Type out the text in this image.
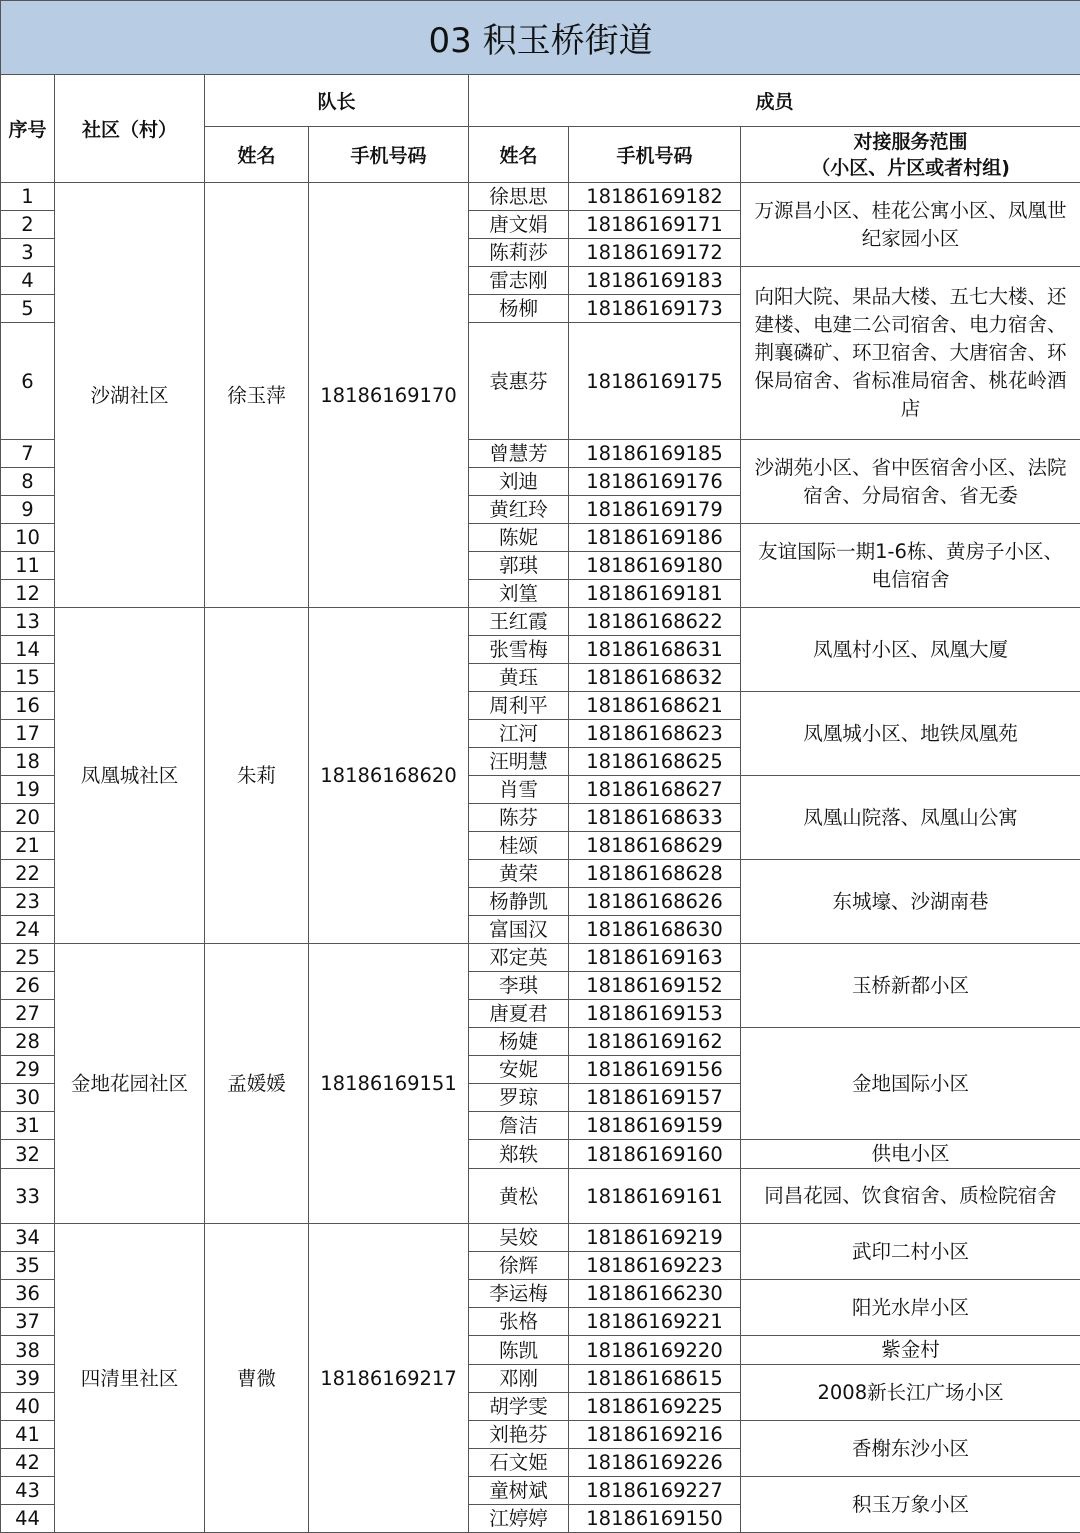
03 积玉桥街道						
序号	社区（村）	队长		成员		
		姓名	手机号码	姓名	手机号码	对接服务范围
（小区、片区或者村组)
1	沙湖社区	徐玉萍	18186169170	徐思思	18186169182	万源昌小区、桂花公寓小区、凤凰世
纪家园小区
2				唐文娟	18186169171	
3				陈莉莎	18186169172	
4				雷志刚	18186169183	向阳大院、果品大楼、五七大楼、还
建楼、电建二公司宿舍、电力宿舍、
荆襄磷矿、环卫宿舍、大唐宿舍、环
保局宿舍、省标准局宿舍、桃花岭酒
店
5				杨柳	18186169173	
6				袁惠芬	18186169175	
7				曾慧芳	18186169185	沙湖苑小区、省中医宿舍小区、法院
宿舍、分局宿舍、省无委
8				刘迪	18186169176	
9				黄红玲	18186169179	
10				陈妮	18186169186	友谊国际一期1-6栋、黄房子小区、
电信宿舍
11				郭琪	18186169180	
12				刘篁	18186169181	
13	凤凰城社区	朱莉	18186168620	王红霞	18186168622	凤凰村小区、凤凰大厦
14				张雪梅	18186168631	
15				黄珏	18186168632	
16				周利平	18186168621	凤凰城小区、地铁凤凰苑
17				江河	18186168623	
18				汪明慧	18186168625	
19				肖雪	18186168627	凤凰山院落、凤凰山公寓
20				陈芬	18186168633	
21				桂颂	18186168629	
22				黄荣	18186168628	东城壕、沙湖南巷
23				杨静凯	18186168626	
24				富国汉	18186168630	
25	金地花园社区	孟媛媛	18186169151	邓定英	18186169163	玉桥新都小区
26				李琪	18186169152	
27				唐夏君	18186169153	
28				杨婕	18186169162	金地国际小区
29				安妮	18186169156	
30				罗琼	18186169157	
31				詹洁	18186169159	
32				郑轶	18186169160	供电小区
33				黄松	18186169161	同昌花园、饮食宿舍、质检院宿舍
34	四清里社区	曹微	18186169217	吴姣	18186169219	武印二村小区
35				徐辉	18186169223	
36				李运梅	18186166230	阳光水岸小区
37				张格	18186169221	
38				陈凯	18186169220	紫金村
39				邓刚	18186168615	2008新长江广场小区
40				胡学雯	18186169225	
41				刘艳芬	18186169216	香榭东沙小区
42				石文姫	18186169226	
43				童树斌	18186169227	积玉万象小区
44				江婷婷	18186169150	
